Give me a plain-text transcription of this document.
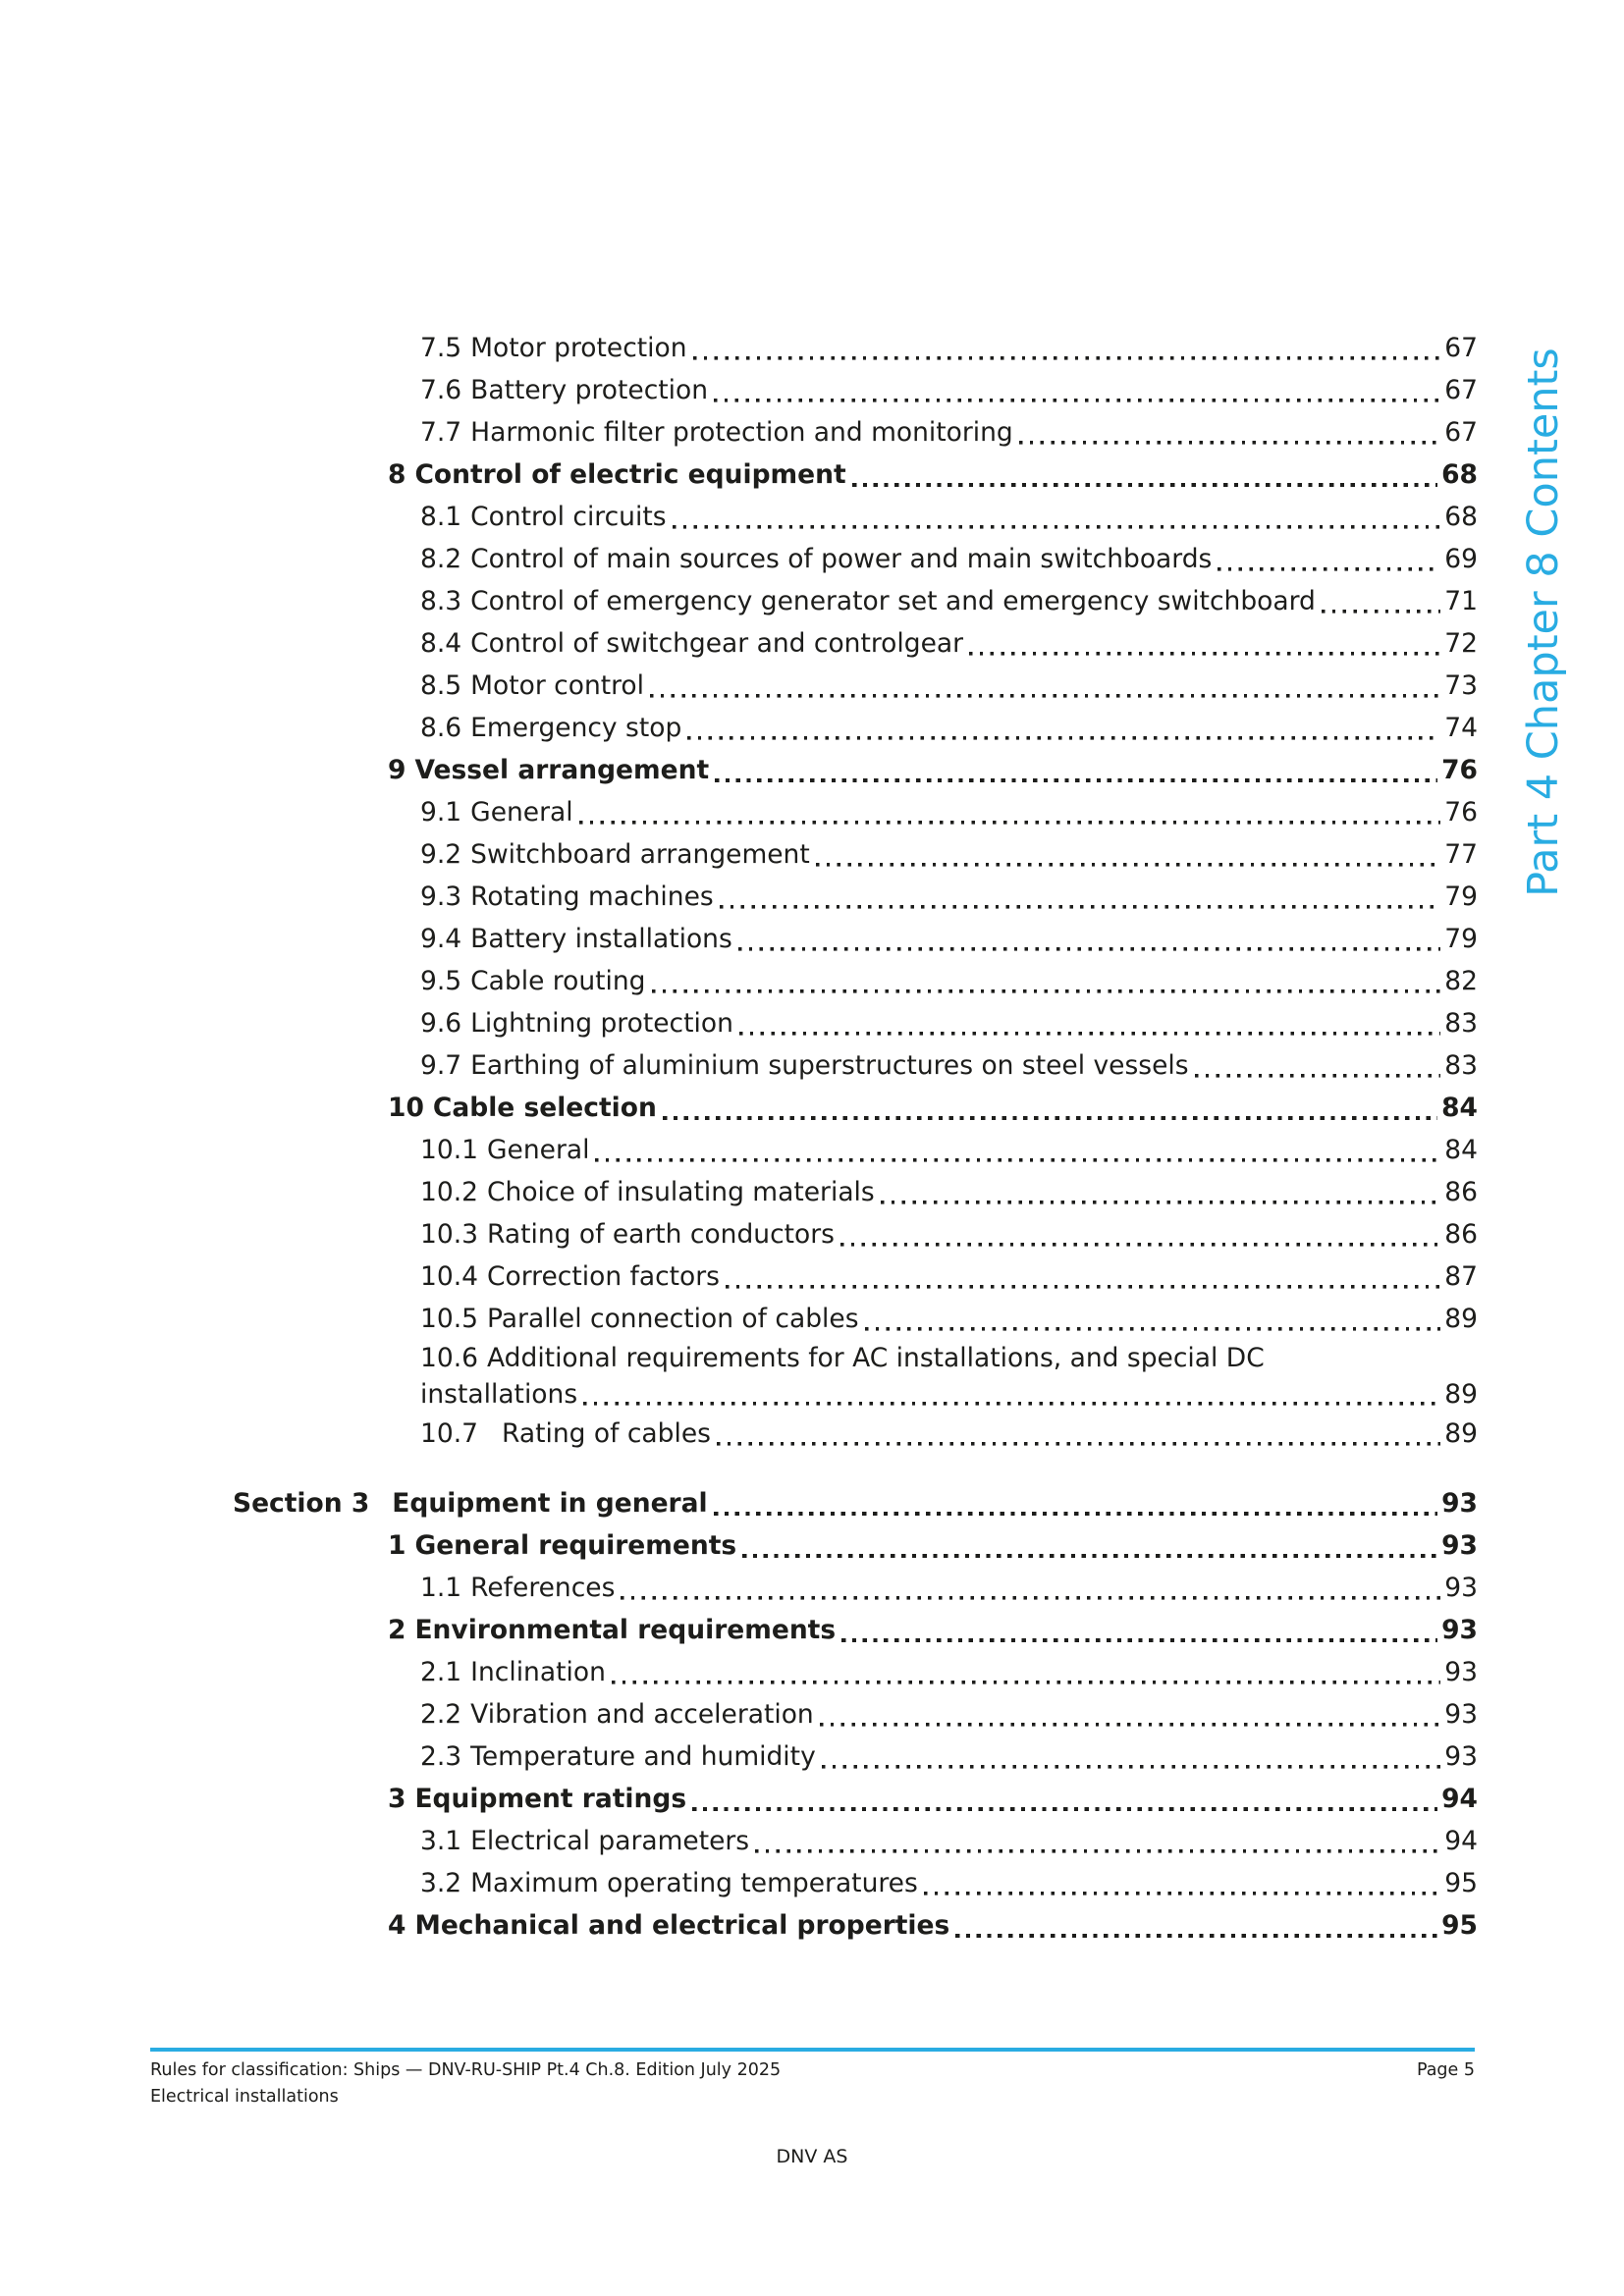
7.5 Motor protection	67
7.6 Battery protection	67
7.7 Harmonic filter protection and monitoring	67
8 Control of electric equipment	68
8.1 Control circuits	68
8.2 Control of main sources of power and main switchboards	69
8.3 Control of emergency generator set and emergency switchboard	71
8.4 Control of switchgear and controlgear	72
8.5 Motor control	73
8.6 Emergency stop	74
9 Vessel arrangement	76
9.1 General	76
9.2 Switchboard arrangement	77
9.3 Rotating machines	79
9.4 Battery installations	79
9.5 Cable routing	82
9.6 Lightning protection	83
9.7 Earthing of aluminium superstructures on steel vessels	83
10 Cable selection	84
10.1 General	84
10.2 Choice of insulating materials	86
10.3 Rating of earth conductors	86
10.4 Correction factors	87
10.5 Parallel connection of cables	89
10.6 Additional requirements for AC installations, and special DC
installations	89
10.7 Rating of cables	89
Section 3 Equipment in general	93
1 General requirements	93
1.1 References	93
2 Environmental requirements	93
2.1 Inclination	93
2.2 Vibration and acceleration	93
2.3 Temperature and humidity	93
3 Equipment ratings	94
3.1 Electrical parameters	94
3.2 Maximum operating temperatures	95
4 Mechanical and electrical properties	95
Part 4 Chapter 8 Contents
Rules for classification: Ships — DNV-RU-SHIP Pt.4 Ch.8. Edition July 2025	Page 5
Electrical installations
DNV AS
